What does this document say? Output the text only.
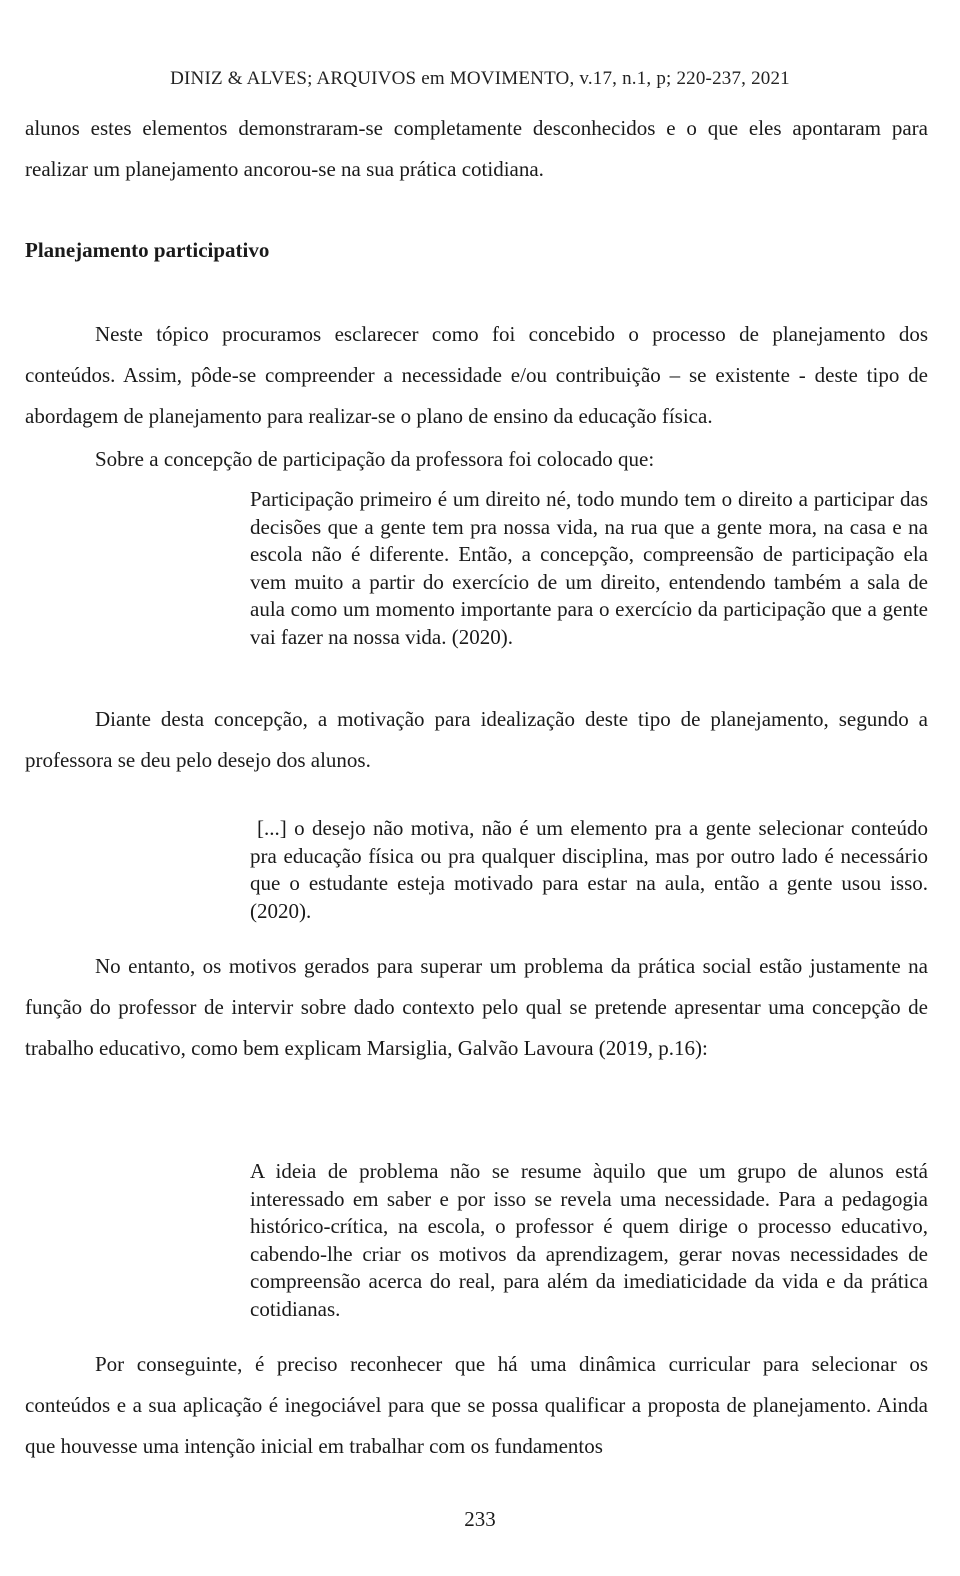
DINIZ & ALVES; ARQUIVOS em MOVIMENTO, v.17, n.1, p; 220-237, 2021

alunos estes elementos demonstraram-se completamente desconhecidos e o que eles apontaram para realizar um planejamento ancorou-se na sua prática cotidiana.

Planejamento participativo

Neste tópico procuramos esclarecer como foi concebido o processo de planejamento dos conteúdos. Assim, pôde-se compreender a necessidade e/ou contribuição – se existente - deste tipo de abordagem de planejamento para realizar-se o plano de ensino da educação física.

Sobre a concepção de participação da professora foi colocado que:

Participação primeiro é um direito né, todo mundo tem o direito a participar das decisões que a gente tem pra nossa vida, na rua que a gente mora, na casa e na escola não é diferente. Então, a concepção, compreensão de participação ela vem muito a partir do exercício de um direito, entendendo também a sala de aula como um momento importante para o exercício da participação que a gente vai fazer na nossa vida. (2020).

Diante desta concepção, a motivação para idealização deste tipo de planejamento, segundo a professora se deu pelo desejo dos alunos.

[...] o desejo não motiva, não é um elemento pra a gente selecionar conteúdo pra educação física ou pra qualquer disciplina, mas por outro lado é necessário que o estudante esteja motivado para estar na aula, então a gente usou isso. (2020).

No entanto, os motivos gerados para superar um problema da prática social estão justamente na função do professor de intervir sobre dado contexto pelo qual se pretende apresentar uma concepção de trabalho educativo, como bem explicam Marsiglia, Galvão Lavoura (2019, p.16):

A ideia de problema não se resume àquilo que um grupo de alunos está interessado em saber e por isso se revela uma necessidade. Para a pedagogia histórico-crítica, na escola, o professor é quem dirige o processo educativo, cabendo-lhe criar os motivos da aprendizagem, gerar novas necessidades de compreensão acerca do real, para além da imediaticidade da vida e da prática cotidianas.

Por conseguinte, é preciso reconhecer que há uma dinâmica curricular para selecionar os conteúdos e a sua aplicação é inegociável para que se possa qualificar a proposta de planejamento. Ainda que houvesse uma intenção inicial em trabalhar com os fundamentos

233
